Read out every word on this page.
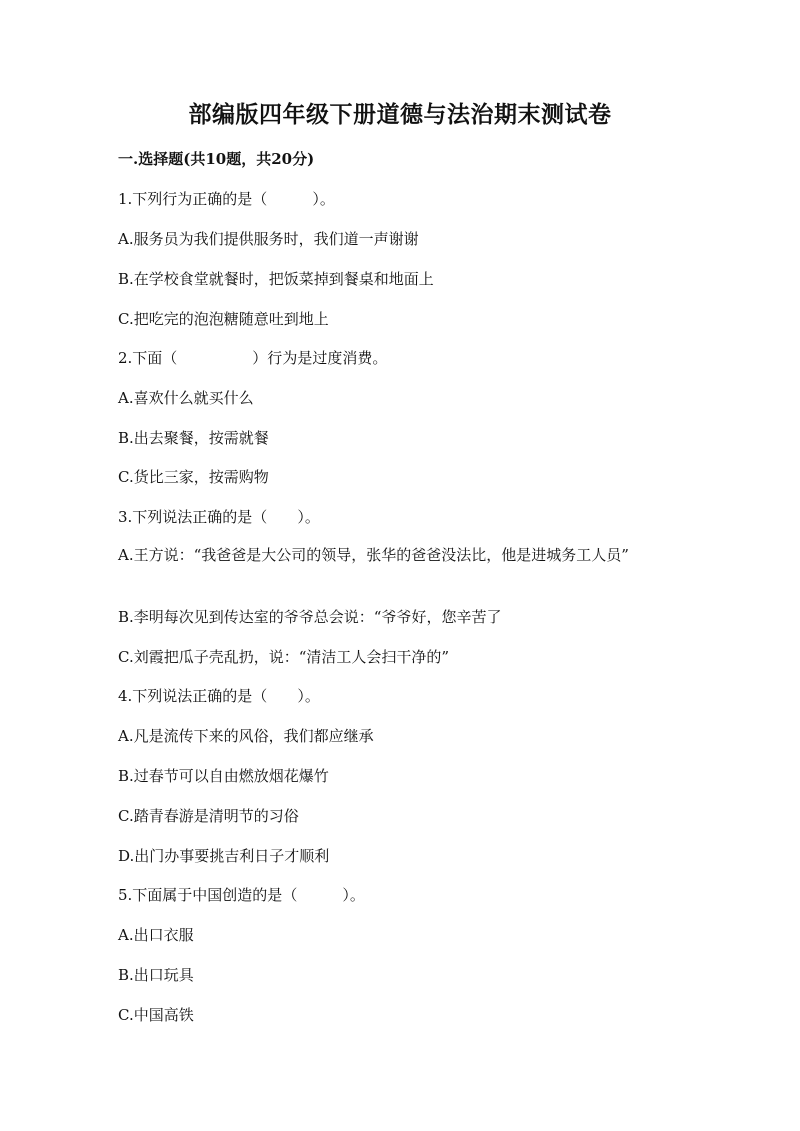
部编版四年级下册道德与法治期末测试卷
一.选择题(共10题，共20分)
1.下列行为正确的是（　　　）。
A.服务员为我们提供服务时，我们道一声谢谢
B.在学校食堂就餐时，把饭菜掉到餐桌和地面上
C.把吃完的泡泡糖随意吐到地上
2.下面（　　　　　）行为是过度消费。
A.喜欢什么就买什么
B.出去聚餐，按需就餐
C.货比三家，按需购物
3.下列说法正确的是（　　）。
A.王方说：“我爸爸是大公司的领导，张华的爸爸没法比，他是进城务工人员”
B.李明每次见到传达室的爷爷总会说：“爷爷好，您辛苦了
C.刘霞把瓜子壳乱扔，说：“清洁工人会扫干净的”
4.下列说法正确的是（　　）。
A.凡是流传下来的风俗，我们都应继承
B.过春节可以自由燃放烟花爆竹
C.踏青春游是清明节的习俗
D.出门办事要挑吉利日子才顺利
5.下面属于中国创造的是（　　　）。
A.出口衣服
B.出口玩具
C.中国高铁
